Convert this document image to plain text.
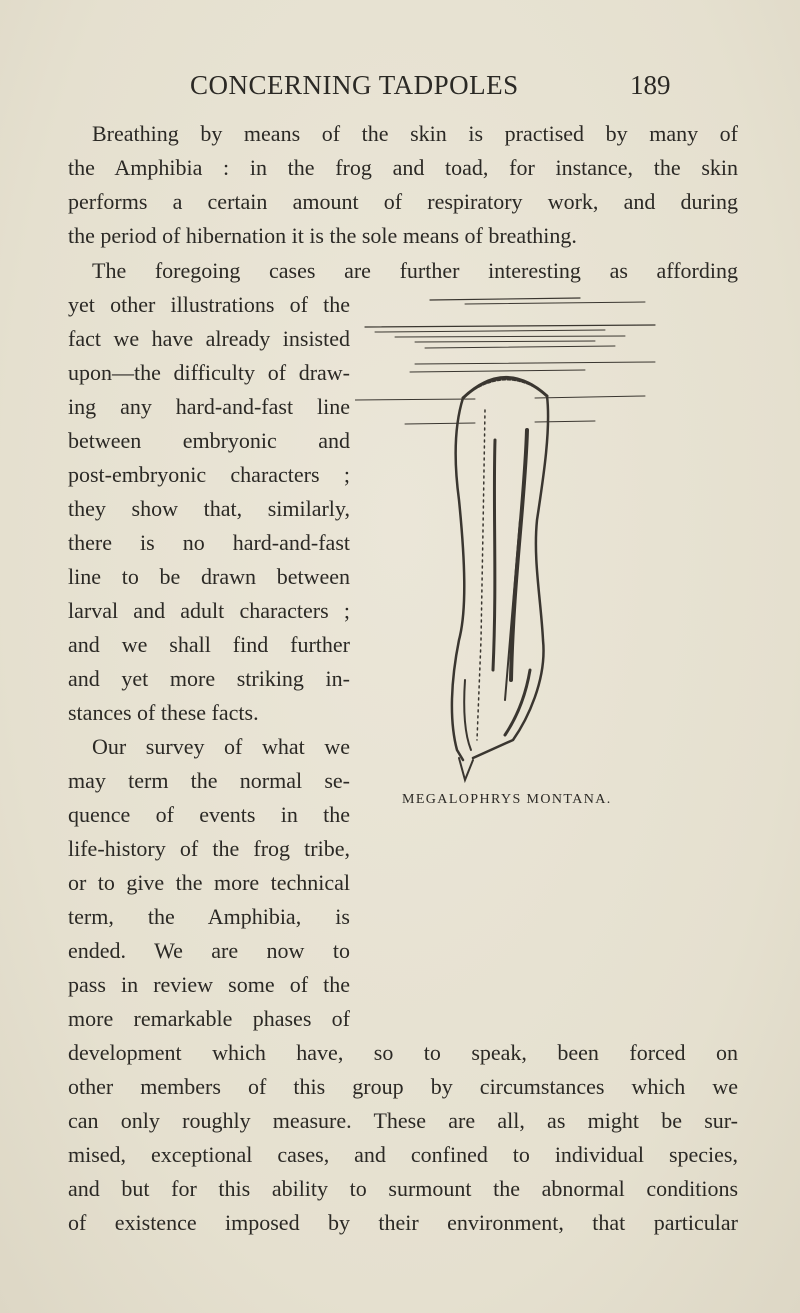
CONCERNING TADPOLES	189
Breathing by means of the skin is practised by many of
the Amphibia : in the frog and toad, for instance, the skin
performs a certain amount of respiratory work, and during
the period of hibernation it is the sole means of breathing.
The foregoing cases are further interesting as affording
yet other illustrations of the
fact we have already insisted
upon—the difficulty of draw-
ing any hard-and-fast line
between embryonic and
post-embryonic characters ;
they show that, similarly,
there is no hard-and-fast
line to be drawn between
larval and adult characters ;
and we shall find further
and yet more striking in-
stances of these facts.
Our survey of what we
may term the normal se-
quence of events in the
life-history of the frog tribe,
or to give the more technical
term, the Amphibia, is
ended. We are now to
pass in review some of the
more remarkable phases of
development which have, so to speak, been forced on
other members of this group by circumstances which we
can only roughly measure. These are all, as might be sur-
mised, exceptional cases, and confined to individual species,
and but for this ability to surmount the abnormal conditions
of existence imposed by their environment, that particular
MEGALOPHRYS MONTANA.
